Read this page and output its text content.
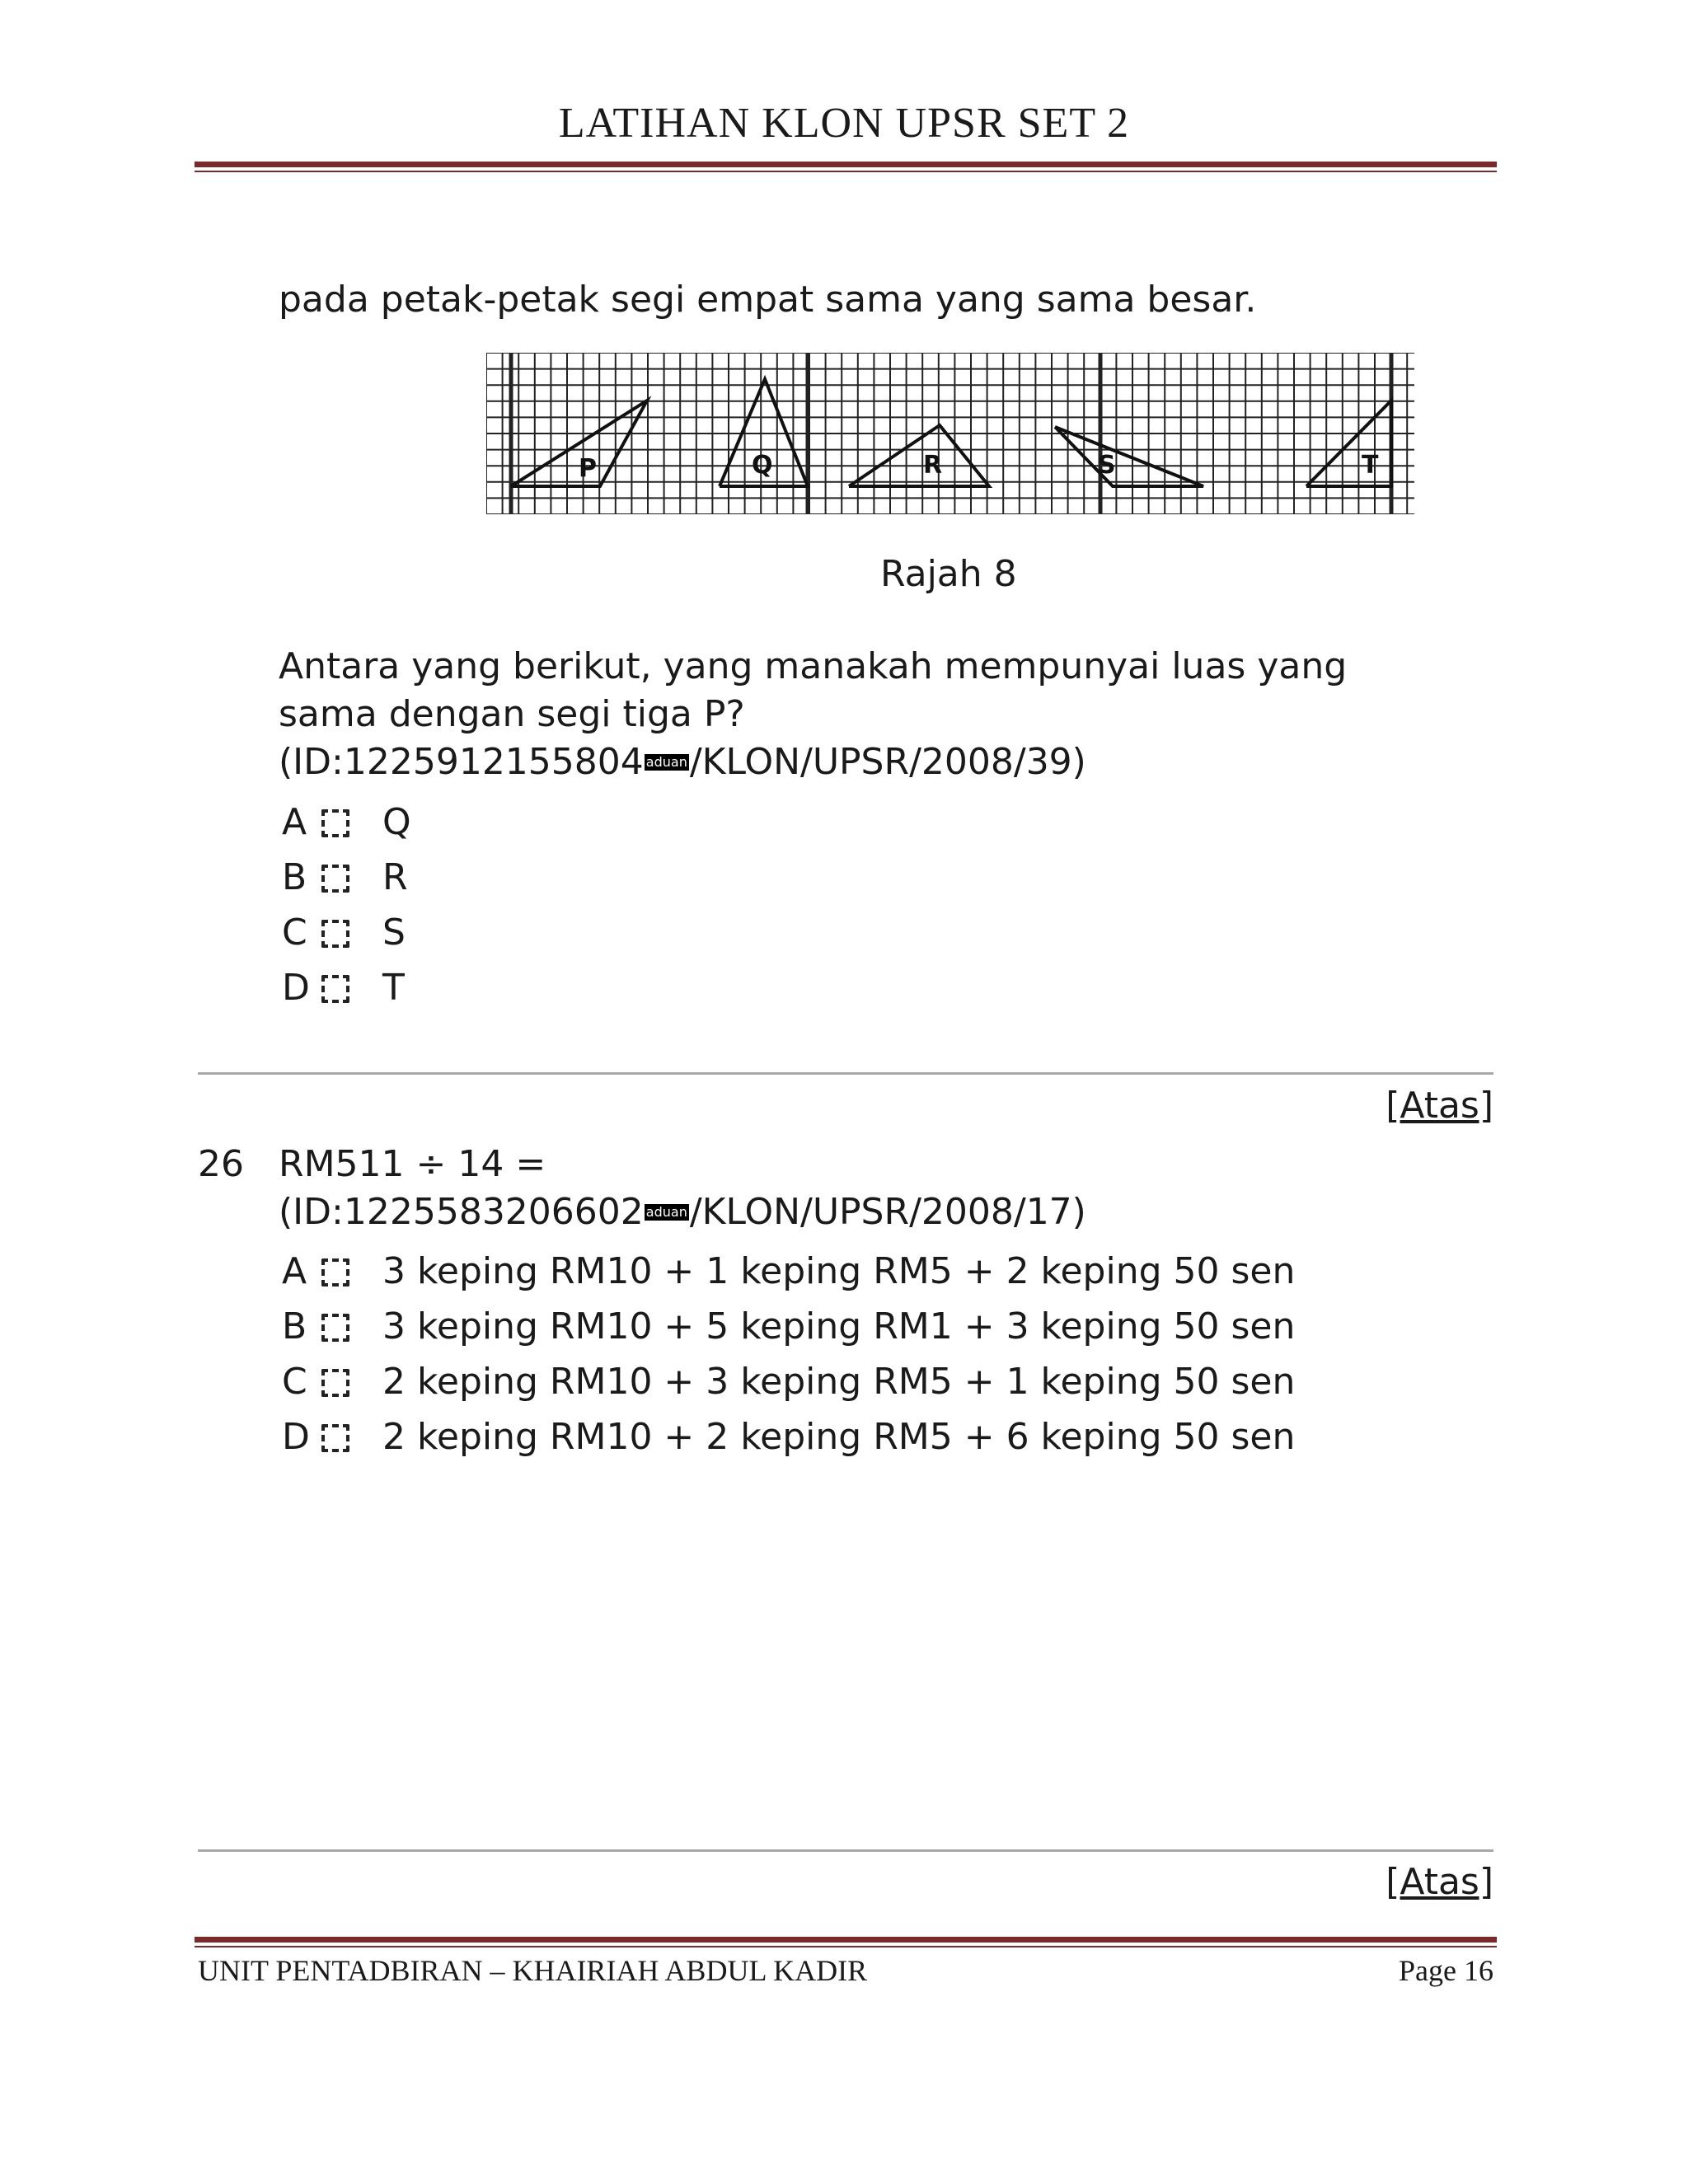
LATIHAN KLON UPSR SET 2
pada petak-petak segi empat sama yang sama besar.
P	Q	R	S	T
Rajah 8
Antara yang berikut, yang manakah mempunyai luas yang
sama dengan segi tiga P?
(ID:1225912155804 aduan/KLON/UPSR/2008/39)
A Q
B R
C S
D T
[Atas]
26 RM511 ÷ 14 =
(ID:1225583206602 aduan/KLON/UPSR/2008/17)
A 3 keping RM10 + 1 keping RM5 + 2 keping 50 sen
B 3 keping RM10 + 5 keping RM1 + 3 keping 50 sen
C 2 keping RM10 + 3 keping RM5 + 1 keping 50 sen
D 2 keping RM10 + 2 keping RM5 + 6 keping 50 sen
[Atas]
UNIT PENTADBIRAN – KHAIRIAH ABDUL KADIR	Page 16
